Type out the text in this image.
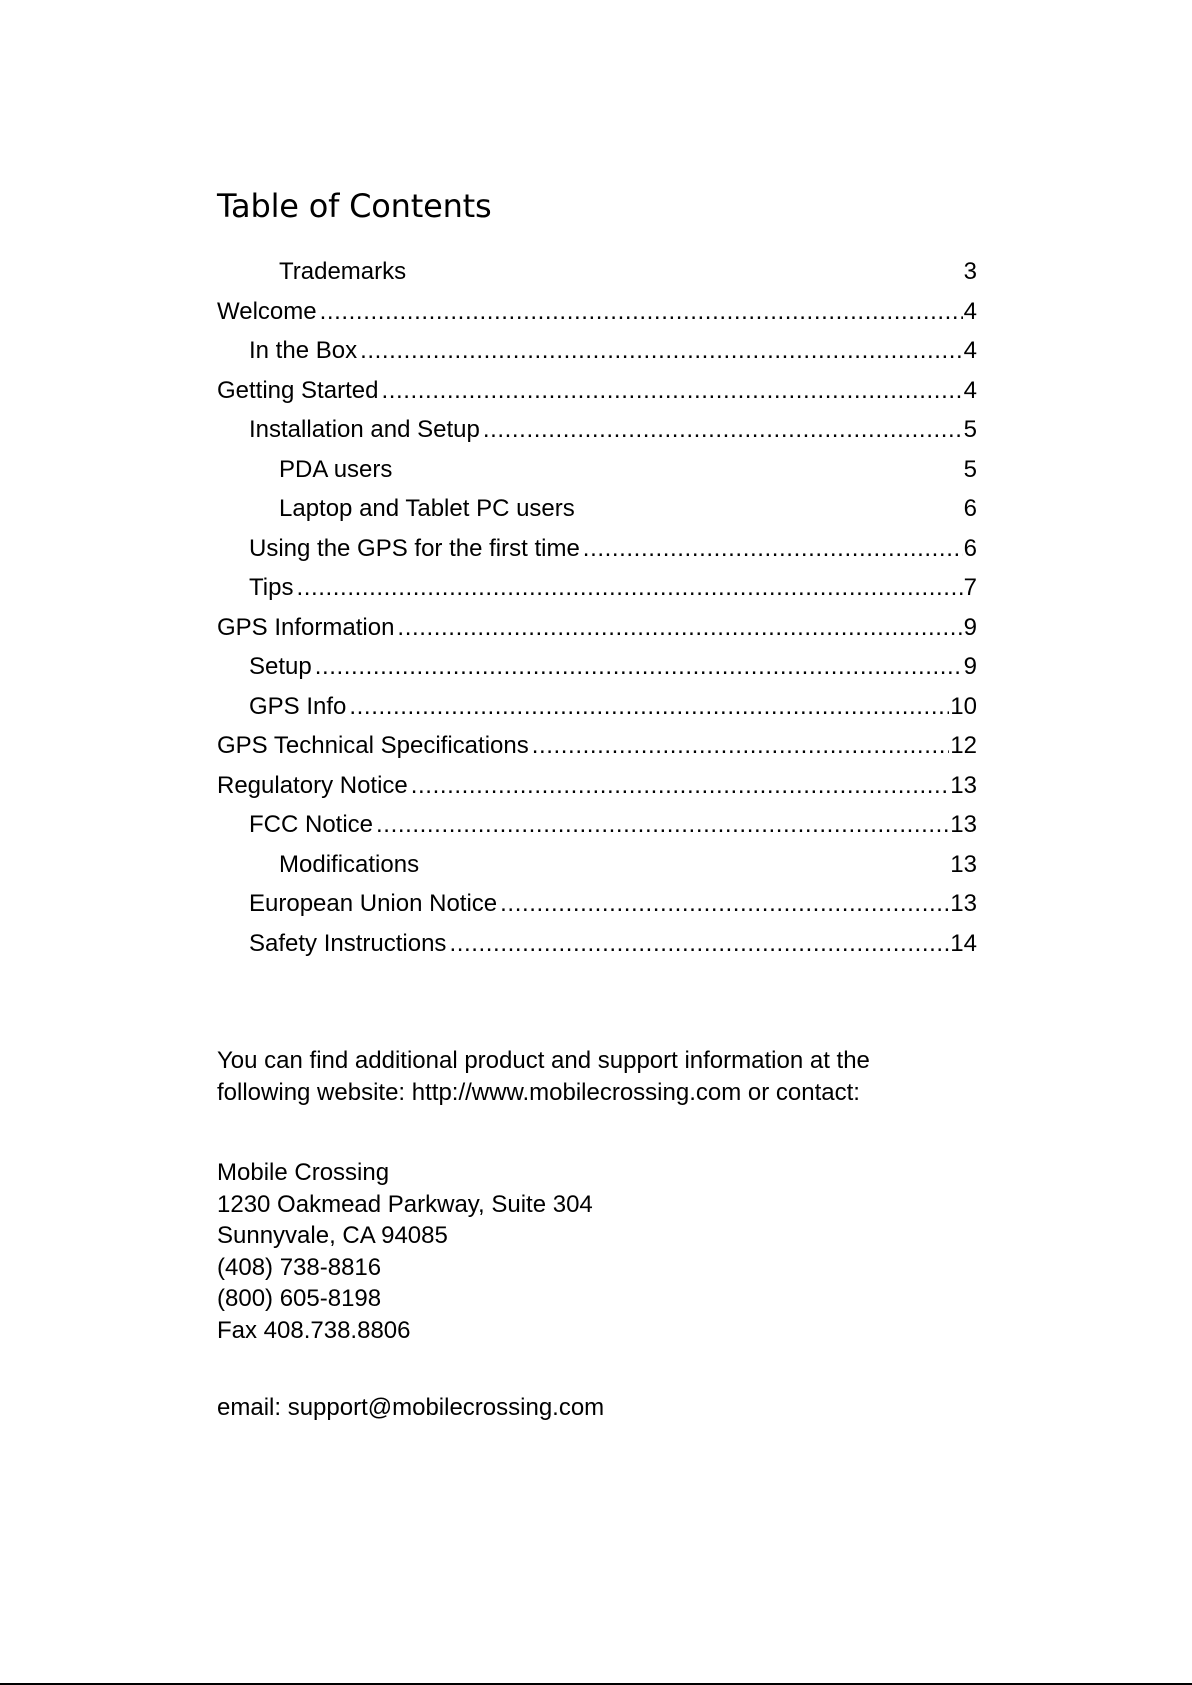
Table of Contents
Trademarks	3
Welcome .....	4
In the Box .....	4
Getting Started .....	4
Installation and Setup .....	5
PDA users	5
Laptop and Tablet PC users	6
Using the GPS for the first time .....	6
Tips .....	7
GPS Information .....	9
Setup .....	9
GPS Info .....	10
GPS Technical Specifications .....	12
Regulatory Notice .....	13
FCC Notice .....	13
Modifications	13
European Union Notice .....	13
Safety Instructions .....	14

You can find additional product and support information at the
following website: http://www.mobilecrossing.com or contact:

Mobile Crossing
1230 Oakmead Parkway, Suite 304
Sunnyvale, CA 94085
(408) 738-8816
(800) 605-8198
Fax 408.738.8806

email: support@mobilecrossing.com
